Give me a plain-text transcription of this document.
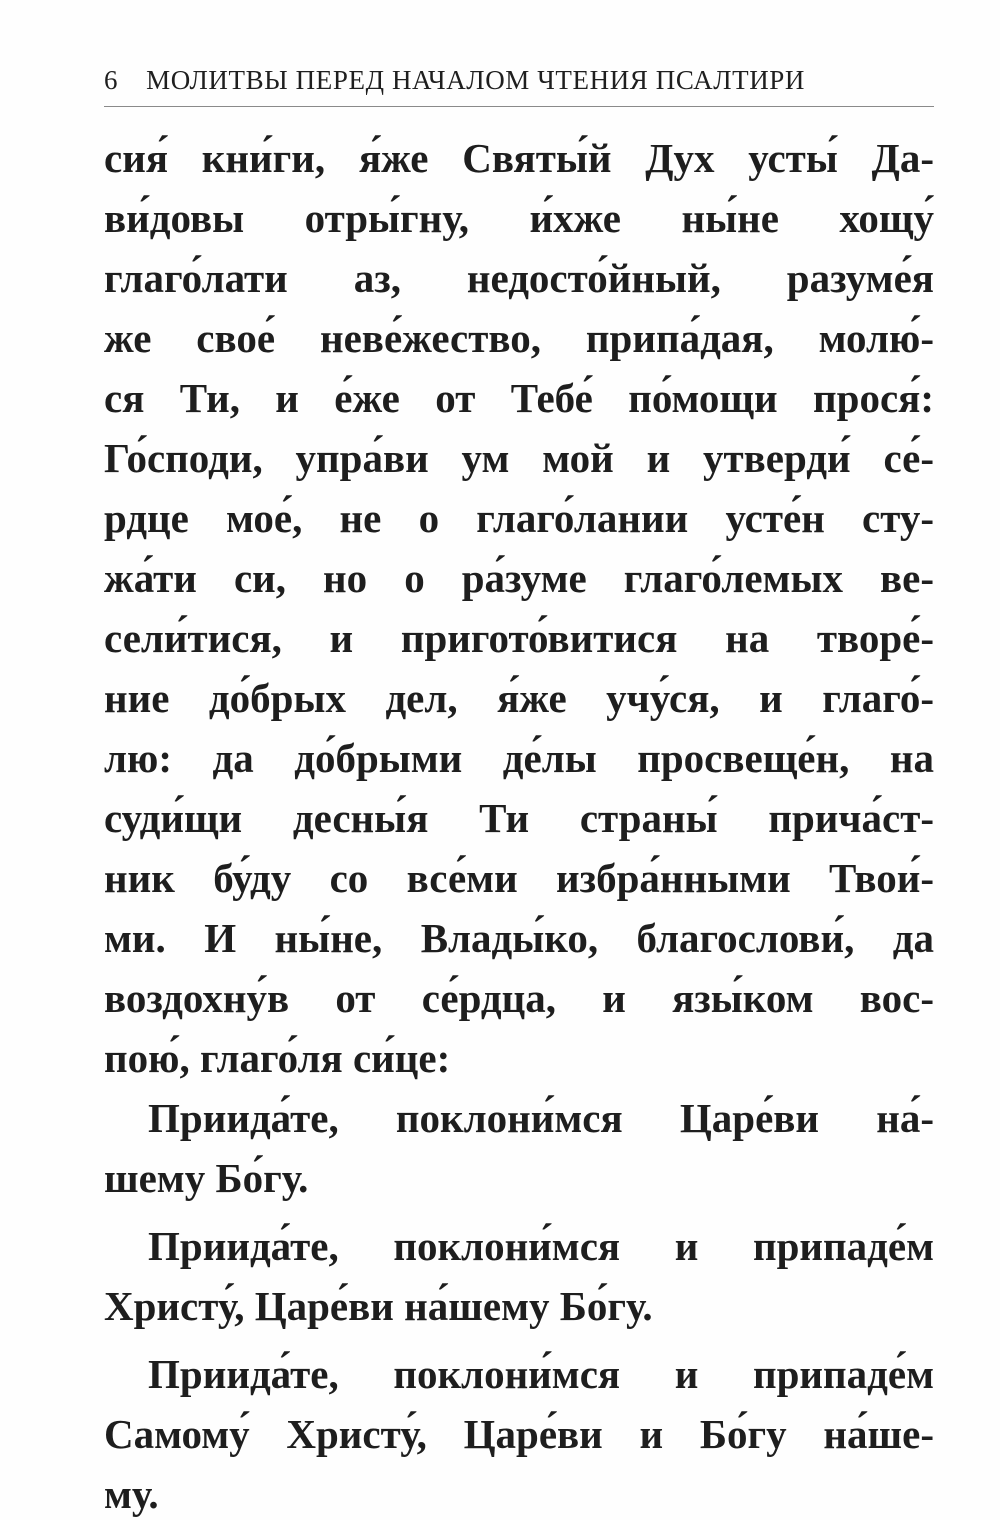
6 МОЛИТВЫ ПЕРЕД НАЧАЛОМ ЧТЕНИЯ ПСАЛТИРИ
сия́ кни́ги, я́же Святы́й Дух усты́ Да-
ви́довы отры́гну, и́хже ны́не хощу́
глаго́лати аз, недосто́йный, разуме́я
же свое́ неве́жество, припа́дая, молю́-
ся Ти, и е́же от Тебе́ по́мощи прося́:
Го́споди, упра́ви ум мой и утверди́ се́-
рдце мое́, не о глаго́лании усте́н сту-
жа́ти си, но о ра́зуме глаго́лемых ве-
сели́тися, и пригото́витися на творе́-
ние до́брых дел, я́же учу́ся, и глаго́-
лю: да до́брыми де́лы просвеще́н, на
суди́щи десны́я Ти страны́ прича́ст-
ник бу́ду со все́ми избра́нными Твои́-
ми. И ны́не, Влады́ко, благослови́, да
воздохну́в от се́рдца, и язы́ком вос-
пою́, глаго́ля си́це:
Приида́те, поклони́мся Царе́ви на́-
шему Бо́гу.
Приида́те, поклони́мся и припаде́м
Христу́, Царе́ви на́шему Бо́гу.
Приида́те, поклони́мся и припаде́м
Самому́ Христу́, Царе́ви и Бо́гу на́ше-
му.
